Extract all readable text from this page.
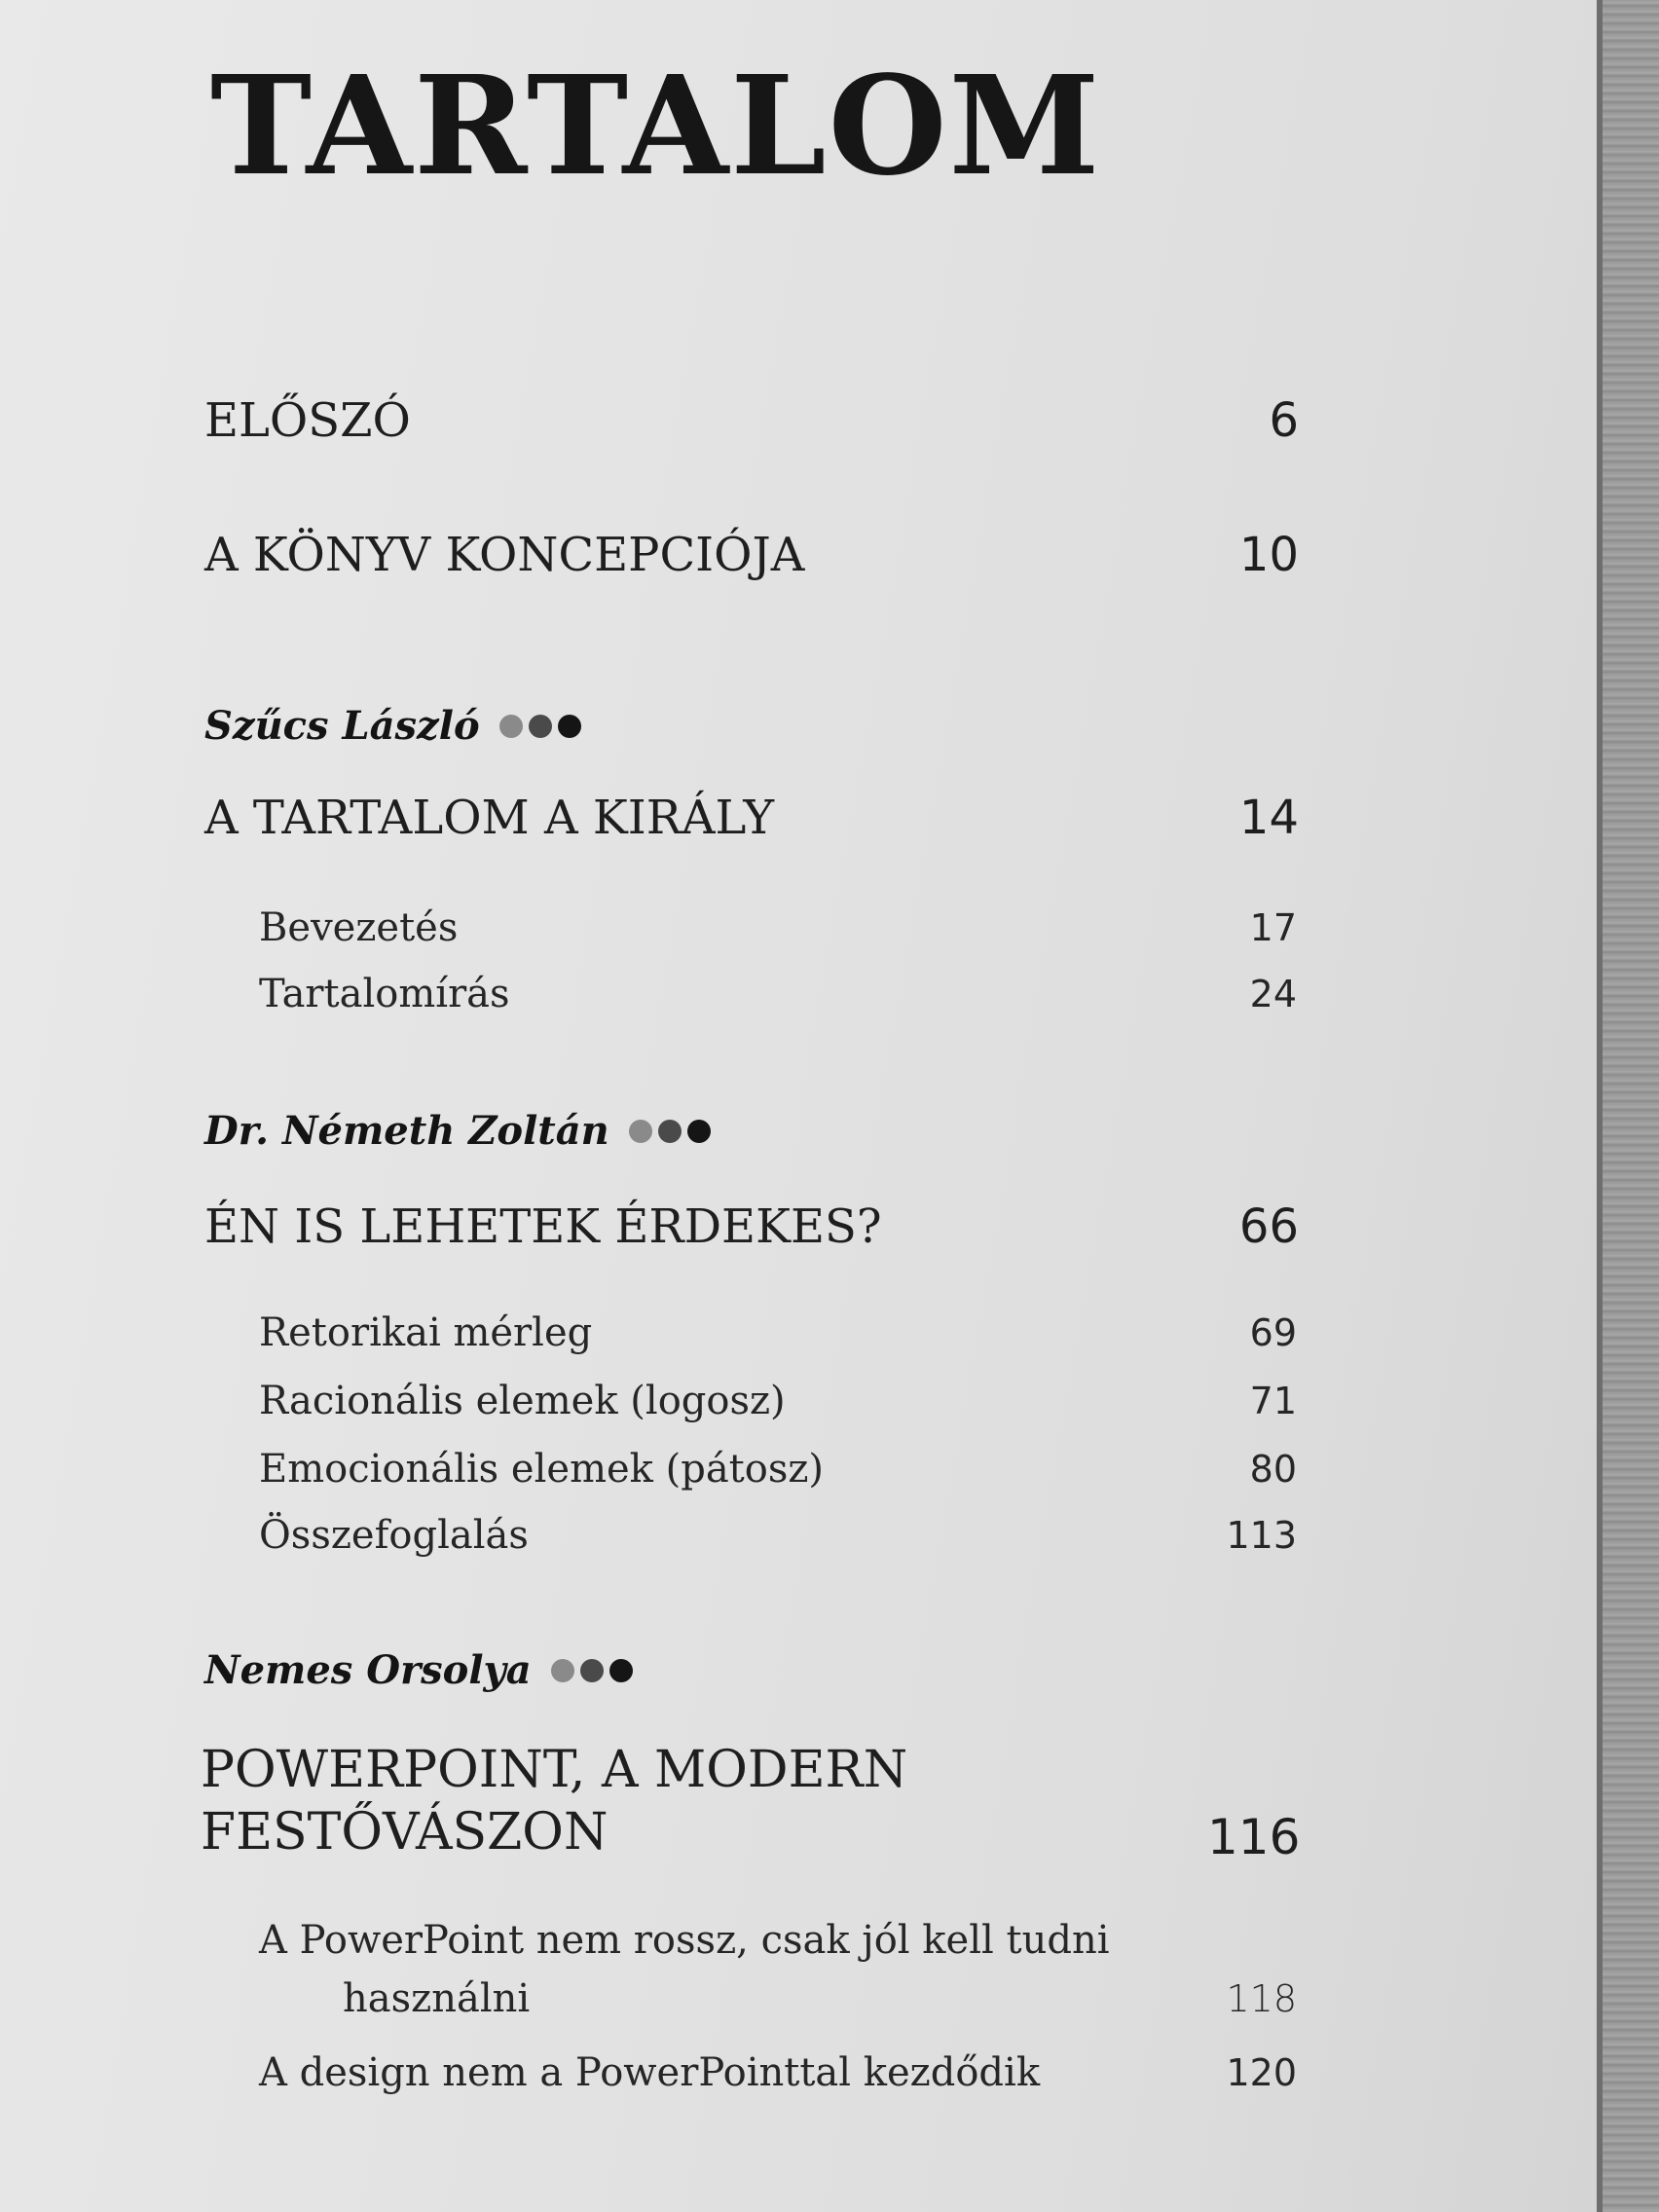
TARTALOM
ELŐSZÓ	6
A KÖNYV KONCEPCIÓJA	10
Szűcs László
A TARTALOM A KIRÁLY	14
Bevezetés	17
Tartalomírás	24
Dr. Németh Zoltán
ÉN IS LEHETEK ÉRDEKES?	66
Retorikai mérleg	69
Racionális elemek (logosz)	71
Emocionális elemek (pátosz)	80
Összefoglalás	113
Nemes Orsolya
POWERPOINT, A MODERN
FESTŐVÁSZON	116
A PowerPoint nem rossz, csak jól kell tudni
használni	118
A design nem a PowerPointtal kezdődik	120
